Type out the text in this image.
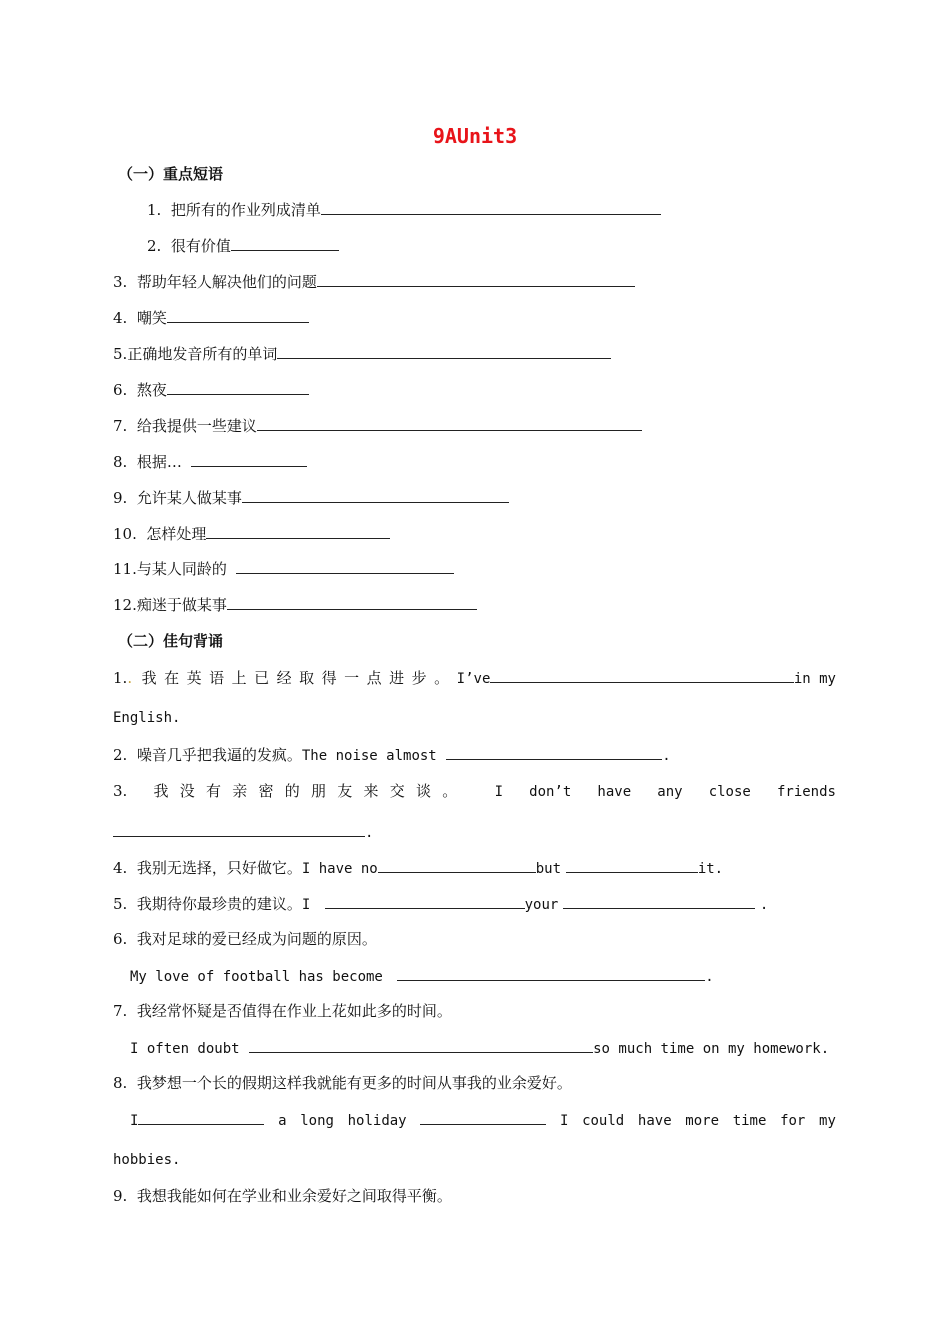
9AUnit3
（一）重点短语
1. 把所有的作业列成清单
2. 很有价值
3. 帮助年轻人解决他们的问题
4. 嘲笑
5.正确地发音所有的单词
6. 熬夜
7. 给我提供一些建议
8. 根据…
9. 允许某人做某事
10. 怎样处理
11.与某人同龄的
12.痴迷于做某事
（二）佳句背诵
1.. 我在英语上已经取得一点进步。 I’ve	in my
English.
2. 噪音几乎把我逼的发疯。The noise almost	.
3. 我没有亲密的朋友来交谈。 I don’t have any close friends
.
4. 我别无选择，只好做它。I have no	but	it.
5. 我期待你最珍贵的建议。I	your	.
6. 我对足球的爱已经成为问题的原因。
My love of football has become	.
7. 我经常怀疑是否值得在作业上花如此多的时间。
I often doubt	so much time on my homework.
8. 我梦想一个长的假期这样我就能有更多的时间从事我的业余爱好。
I	a long holiday	I could have more time for my
hobbies.
9. 我想我能如何在学业和业余爱好之间取得平衡。
